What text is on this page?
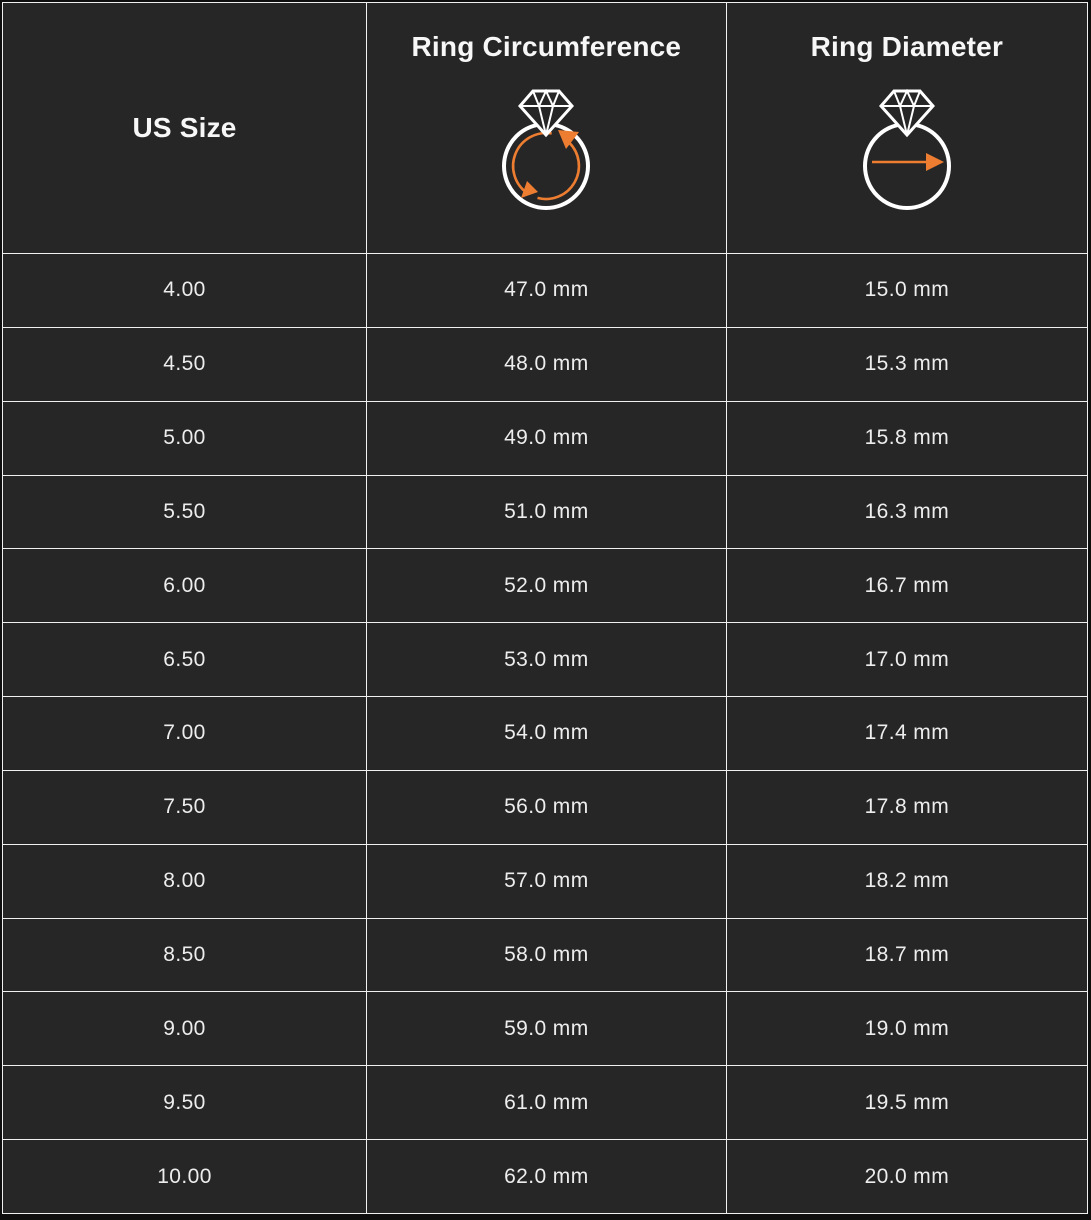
US Size	Ring Circumference	Ring Diameter

4.00	47.0 mm	15.0 mm
4.50	48.0 mm	15.3 mm
5.00	49.0 mm	15.8 mm
5.50	51.0 mm	16.3 mm
6.00	52.0 mm	16.7 mm
6.50	53.0 mm	17.0 mm
7.00	54.0 mm	17.4 mm
7.50	56.0 mm	17.8 mm
8.00	57.0 mm	18.2 mm
8.50	58.0 mm	18.7 mm
9.00	59.0 mm	19.0 mm
9.50	61.0 mm	19.5 mm
10.00	62.0 mm	20.0 mm
